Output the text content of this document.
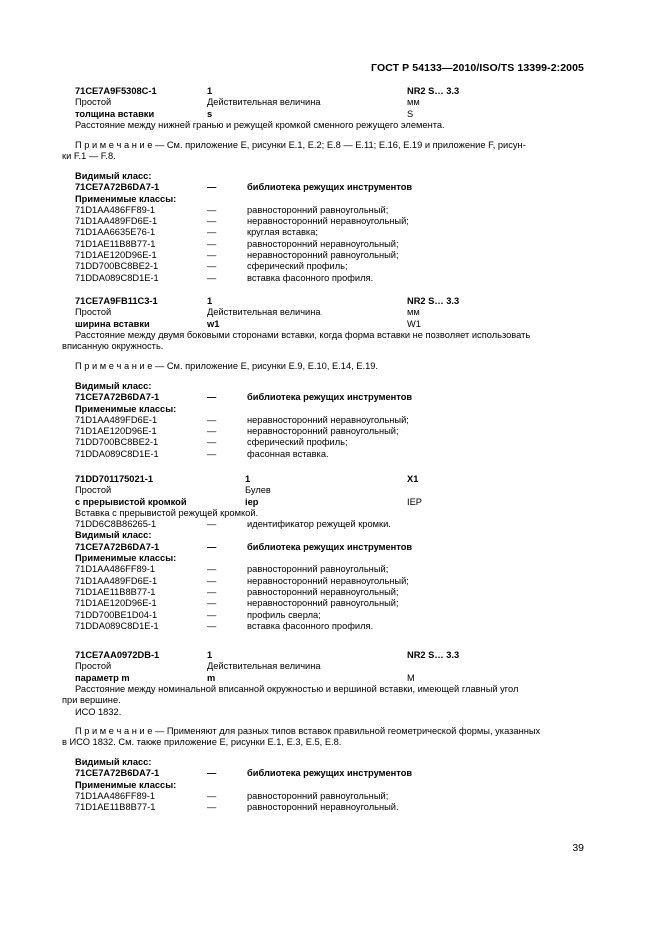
ГОСТ Р 54133—2010/ISO/TS 13399-2:2005
71CE7A9F5308C-1	1	NR2 S… 3.3
Простой	Действительная величина	мм
толщина вставки	s	S
Расстояние между нижней гранью и режущей кромкой сменного режущего элемента.
П р и м е ч а н и е — См. приложение E, рисунки E.1, E.2; E.8 — E.11; E.16, E.19 и приложение F, рисун-
ки F.1 — F.8.
Видимый класс:
71CE7A72B6DA7-1	—	библиотека режущих инструментов
Применимые классы:
71D1AA486FF89-1	—	равносторонний равноугольный;
71D1AA489FD6E-1	—	неравносторонний неравноугольный;
71D1AA6635E76-1	—	круглая вставка;
71D1AE11B8B77-1	—	равносторонний неравноугольный;
71D1AE120D96E-1	—	неравносторонний равноугольный;
71DD700BC8BE2-1	—	сферический профиль;
71DDA089C8D1E-1	—	вставка фасонного профиля.
71CE7A9FB11C3-1	1	NR2 S… 3.3
Простой	Действительная величина	мм
ширина вставки	w1	W1
Расстояние между двумя боковыми сторонами вставки, когда форма вставки не позволяет использовать
вписанную окружность.
П р и м е ч а н и е — См. приложение E, рисунки E.9, E.10, E.14, E.19.
Видимый класс:
71CE7A72B6DA7-1	—	библиотека режущих инструментов
Применимые классы:
71D1AA489FD6E-1	—	неравносторонний неравноугольный;
71D1AE120D96E-1	—	неравносторонний равноугольный;
71DD700BC8BE2-1	—	сферический профиль;
71DDA089C8D1E-1	—	фасонная вставка.
71DD701175021-1	1	X1
Простой	Булев
с прерывистой кромкой	iep	IEP
Вставка с прерывистой режущей кромкой.
71DD6C8B86265-1	—	идентификатор режущей кромки.
Видимый класс:
71CE7A72B6DA7-1	—	библиотека режущих инструментов
Применимые классы:
71D1AA486FF89-1	—	равносторонний равноугольный;
71D1AA489FD6E-1	—	неравносторонний неравноугольный;
71D1AE11B8B77-1	—	равносторонний неравноугольный;
71D1AE120D96E-1	—	неравносторонний равноугольный;
71DD700BE1D04-1	—	профиль сверла;
71DDA089C8D1E-1	—	вставка фасонного профиля.
71CE7AA0972DB-1	1	NR2 S… 3.3
Простой	Действительная величина
параметр m	m	M
Расстояние между номинальной вписанной окружностью и вершиной вставки, имеющей главный угол
при вершине.
ИСО 1832.
П р и м е ч а н и е — Применяют для разных типов вставок правильной геометрической формы, указанных
в ИСО 1832. См. также приложение E, рисунки E.1, E.3, E.5, E.8.
Видимый класс:
71CE7A72B6DA7-1	—	библиотека режущих инструментов
Применимые классы:
71D1AA486FF89-1	—	равносторонний равноугольный;
71D1AE11B8B77-1	—	равносторонний неравноугольный.
39
